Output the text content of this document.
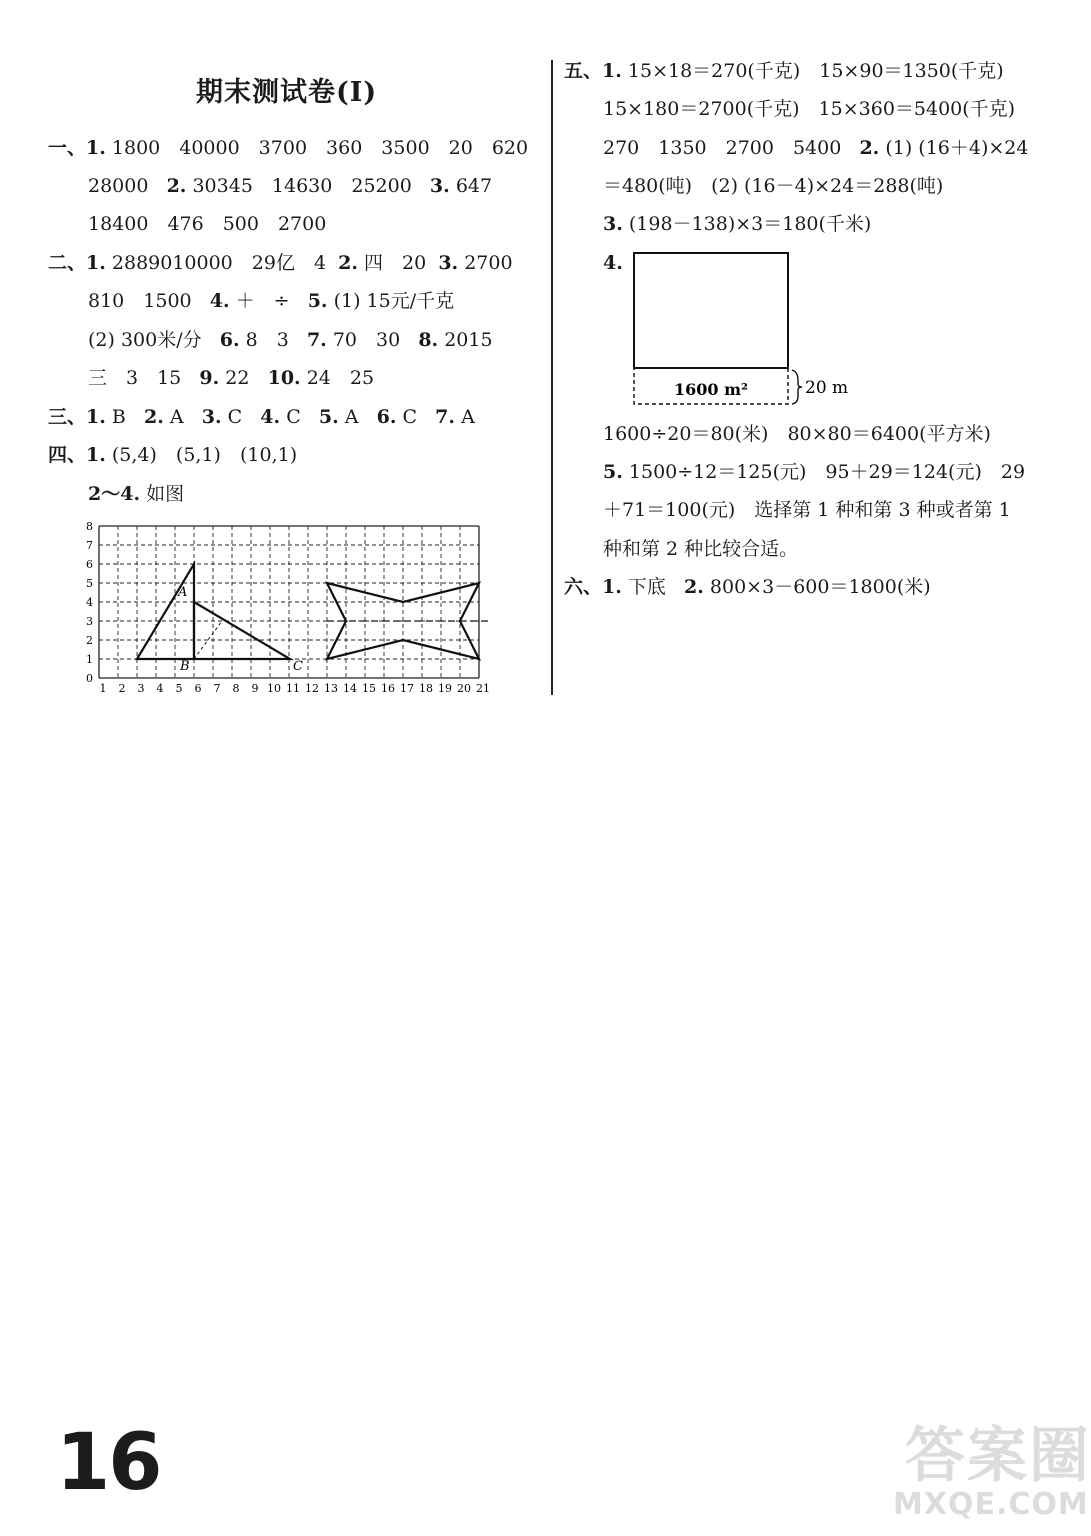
期末测试卷(I)
一、1. 1800　40000　3700　360　3500　20　620
28000 2. 30345　14630　25200 3. 647
18400　476　500　2700
二、1. 2889010000　29亿　4 2. 四　20 3. 2700
810　1500 4. ＋　÷ 5. (1) 15元/千克
(2) 300米/分 6. 8　3 7. 70　30 8. 2015
三　3　15 9. 22 10. 24　25
三、1. B 2. A 3. C 4. C 5. A 6. C 7. A
四、1. (5,4)　(5,1)　(10,1)
2～4. 如图
0
1
2
3
4
5
6
7
8
1 2 3 4 5 6 7 8 9 10 11 12 13 14 15 16 17 18 19 20 21
A
B	C
五、1. 15×18＝270(千克)　15×90＝1350(千克)
15×180＝2700(千克)　15×360＝5400(千克)
270　1350　2700　5400 2. (1) (16＋4)×24
＝480(吨)　(2) (16－4)×24＝288(吨)
3. (198－138)×3＝180(千米)
4.
1600 m²	20 m
1600÷20＝80(米)　80×80＝6400(平方米)
5. 1500÷12＝125(元)　95＋29＝124(元)　29
＋71＝100(元)　选择第 1 种和第 3 种或者第 1
种和第 2 种比较合适。
六、1. 下底 2. 800×3－600＝1800(米)
16	答案圈
MXQE.COM
